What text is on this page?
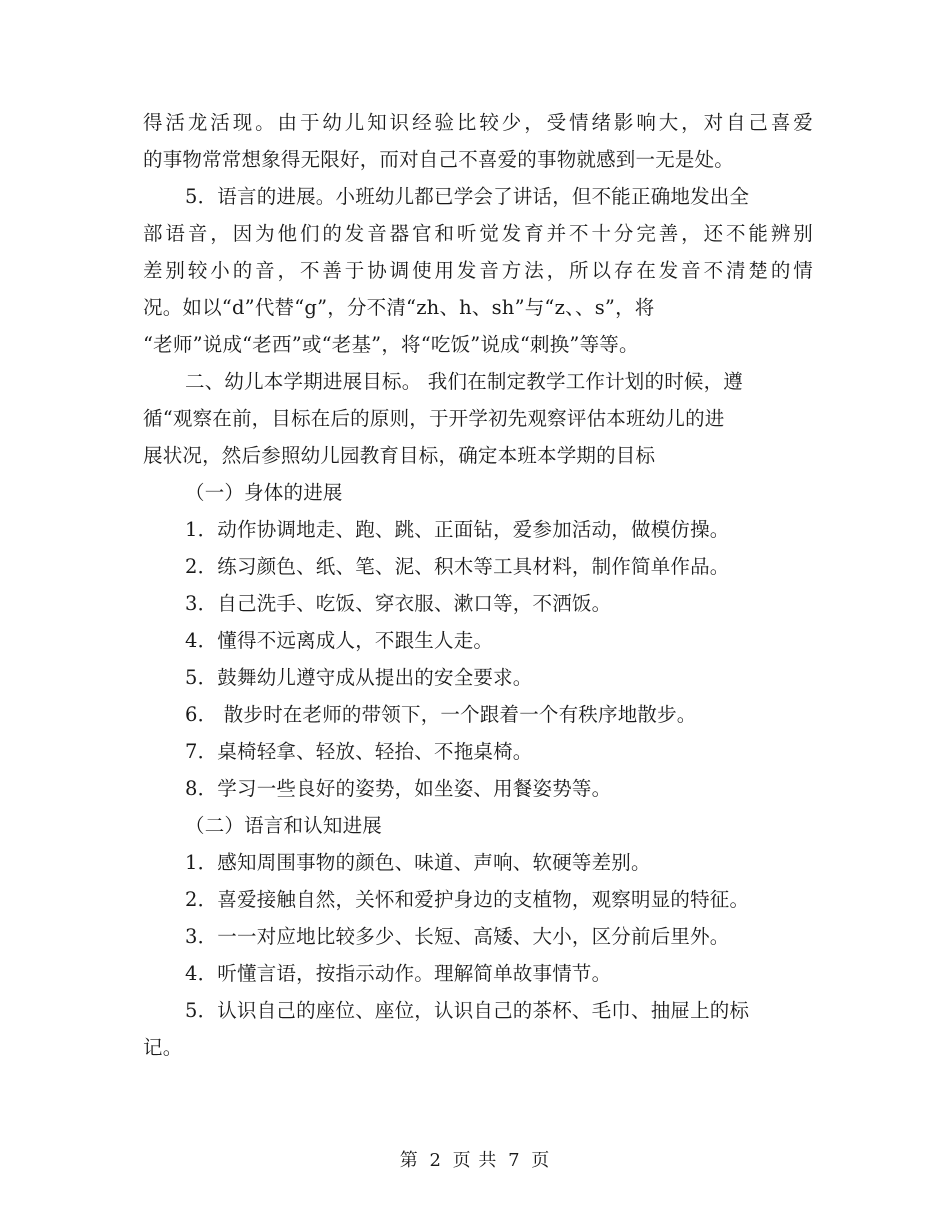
得活龙活现。由于幼儿知识经验比较少，受情绪影响大，对自己喜爱
的事物常常想象得无限好，而对自己不喜爱的事物就感到一无是处。
5．语言的进展。小班幼儿都已学会了讲话，但不能正确地发出全
部语音，因为他们的发音器官和听觉发育并不十分完善，还不能辨别
差别较小的音，不善于协调使用发音方法，所以存在发音不清楚的情
况。如以“d”代替“g”，分不清“zh、h、sh”与“z、、s”，将
“老师”说成“老西”或“老基”，将“吃饭”说成“刺换”等等。
二、幼儿本学期进展目标。 我们在制定教学工作计划的时候，遵
循“观察在前，目标在后的原则，于开学初先观察评估本班幼儿的进
展状况，然后参照幼儿园教育目标，确定本班本学期的目标
（一）身体的进展
1．动作协调地走、跑、跳、正面钻，爱参加活动，做模仿操。
2．练习颜色、纸、笔、泥、积木等工具材料，制作简单作品。
3．自己洗手、吃饭、穿衣服、漱口等，不洒饭。
4．懂得不远离成人，不跟生人走。
5．鼓舞幼儿遵守成从提出的安全要求。
6． 散步时在老师的带领下，一个跟着一个有秩序地散步。
7．桌椅轻拿、轻放、轻抬、不拖桌椅。
8．学习一些良好的姿势，如坐姿、用餐姿势等。
（二）语言和认知进展
1．感知周围事物的颜色、味道、声响、软硬等差别。
2．喜爱接触自然，关怀和爱护身边的支植物，观察明显的特征。
3．一一对应地比较多少、长短、高矮、大小，区分前后里外。
4．听懂言语，按指示动作。理解简单故事情节。
5．认识自己的座位、座位，认识自己的茶杯、毛巾、抽屉上的标
记。
第 2 页 共 7 页
